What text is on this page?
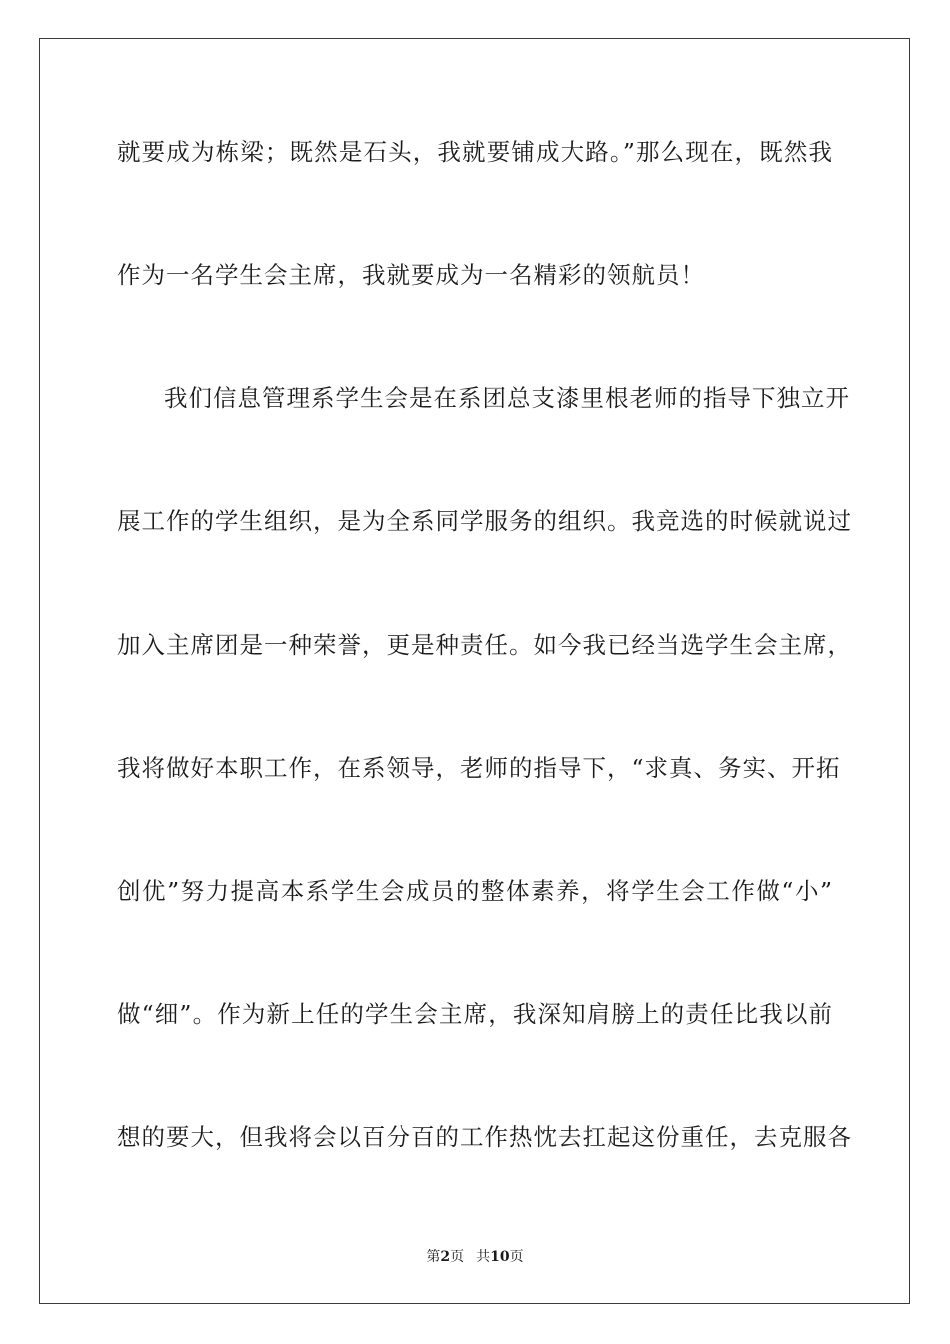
就要成为栋梁；既然是石头，我就要铺成大路。”那么现在，既然我
作为一名学生会主席，我就要成为一名精彩的领航员！
我们信息管理系学生会是在系团总支漆里根老师的指导下独立开
展工作的学生组织，是为全系同学服务的组织。我竞选的时候就说过
加入主席团是一种荣誉，更是种责任。如今我已经当选学生会主席，
我将做好本职工作，在系领导，老师的指导下，“求真、务实、开拓
创优”努力提高本系学生会成员的整体素养，将学生会工作做“小”
做“细”。作为新上任的学生会主席，我深知肩膀上的责任比我以前
想的要大，但我将会以百分百的工作热忱去扛起这份重任，去克服各
第2页 共10页
